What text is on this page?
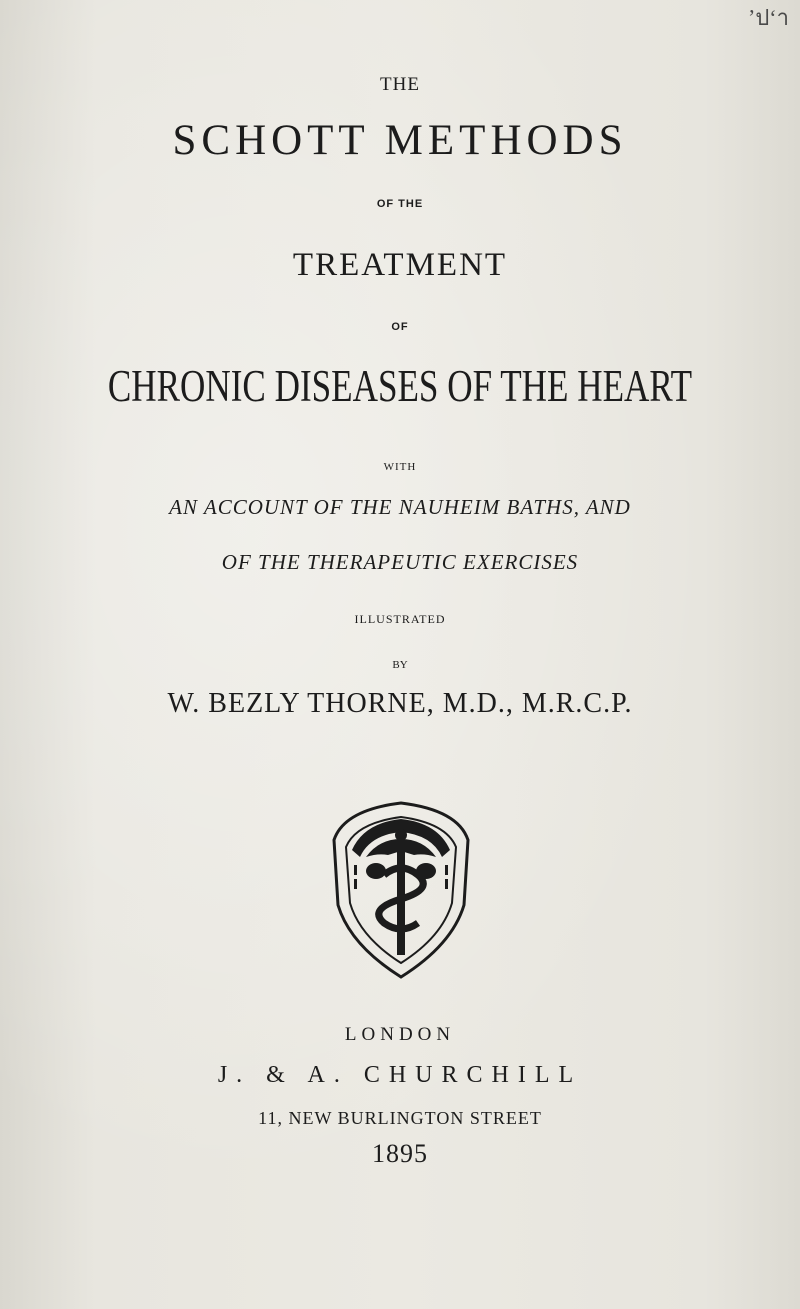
ʼป‘า
THE
SCHOTT METHODS
OF THE
TREATMENT
OF
CHRONIC DISEASES OF THE HEART
WITH
AN ACCOUNT OF THE NAUHEIM BATHS, AND
OF THE THERAPEUTIC EXERCISES
ILLUSTRATED
BY
W. BEZLY THORNE, M.D., M.R.C.P.
LONDON
J. & A. CHURCHILL
11, NEW BURLINGTON STREET
1895
